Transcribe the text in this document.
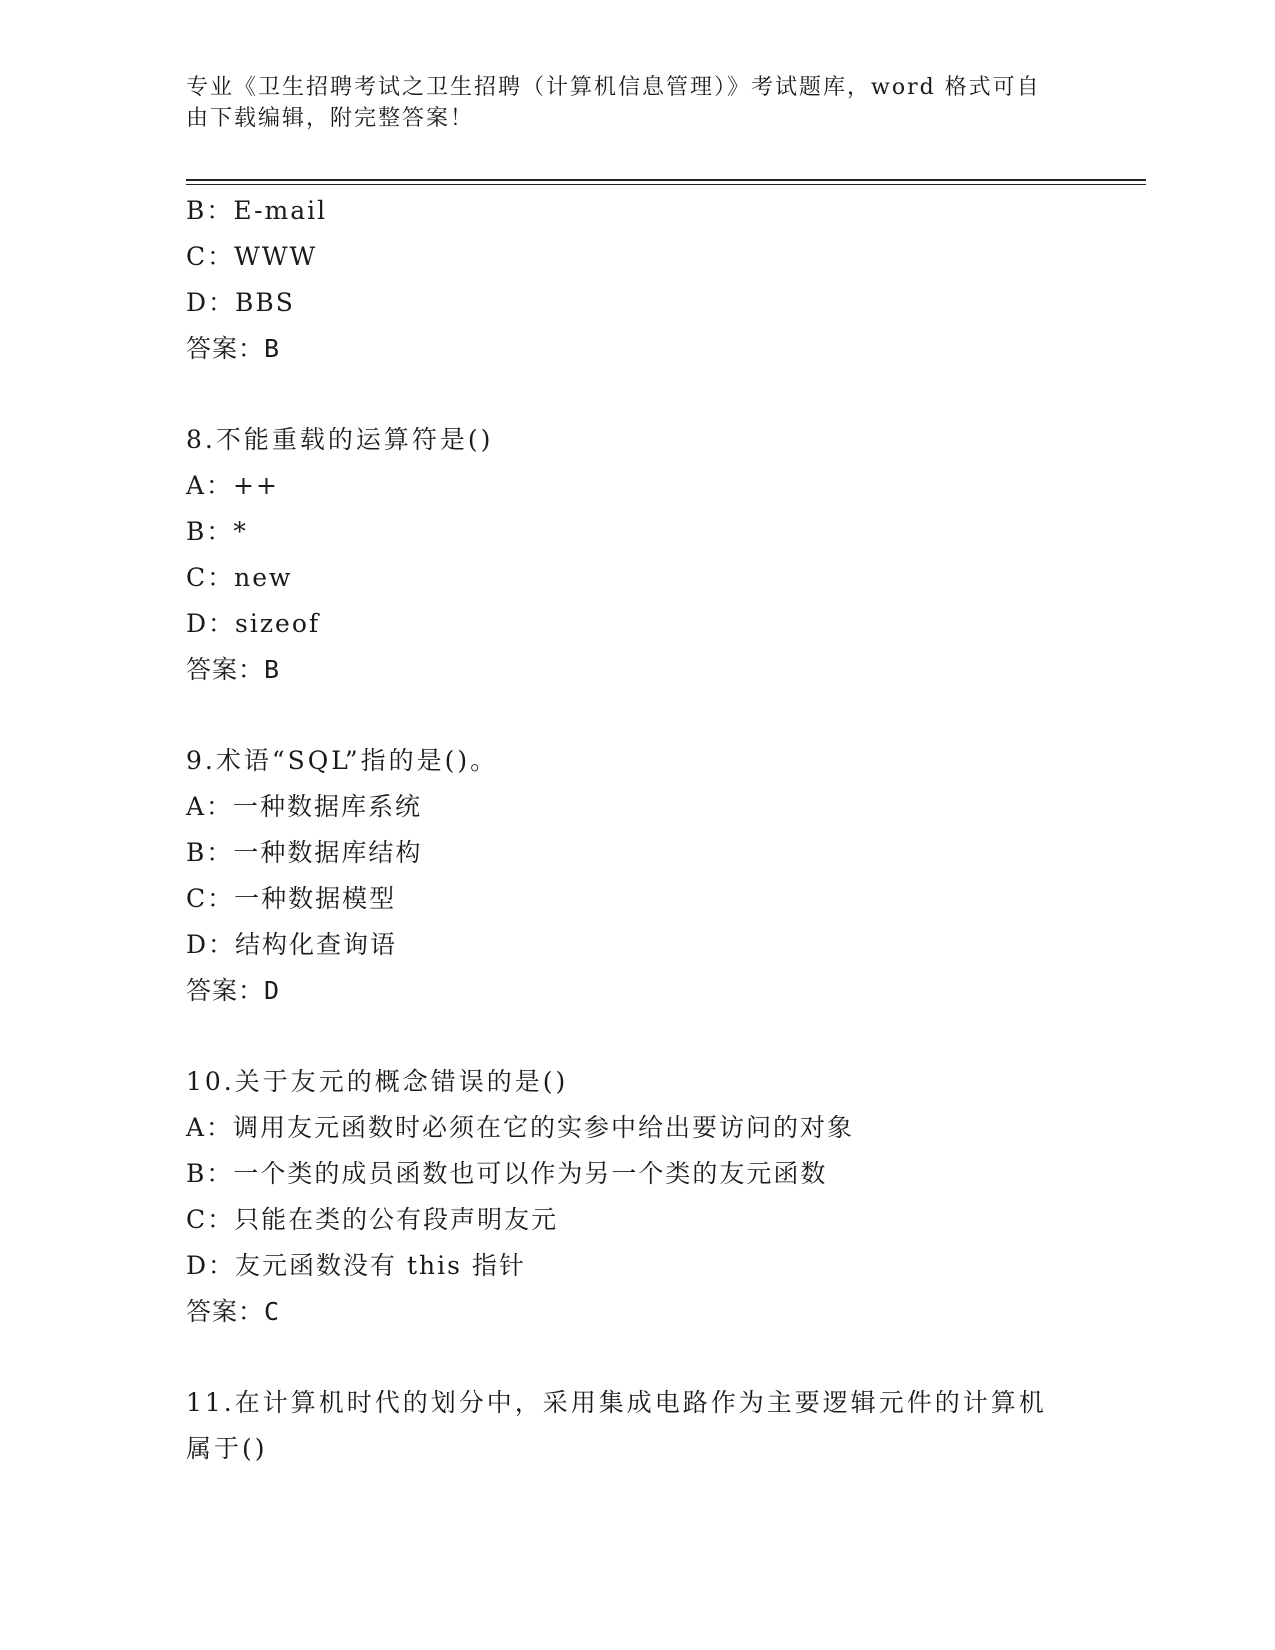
专业《卫生招聘考试之卫生招聘（计算机信息管理）》考试题库，word 格式可自
由下载编辑，附完整答案！
B：E-mail
C：WWW
D：BBS
答案：B
8.不能重载的运算符是()
A：++
B：*
C：new
D：sizeof
答案：B
9.术语“SQL”指的是()。
A：一种数据库系统
B：一种数据库结构
C：一种数据模型
D：结构化查询语
答案：D
10.关于友元的概念错误的是()
A：调用友元函数时必须在它的实参中给出要访问的对象
B：一个类的成员函数也可以作为另一个类的友元函数
C：只能在类的公有段声明友元
D：友元函数没有 this 指针
答案：C
11.在计算机时代的划分中，采用集成电路作为主要逻辑元件的计算机
属于()
